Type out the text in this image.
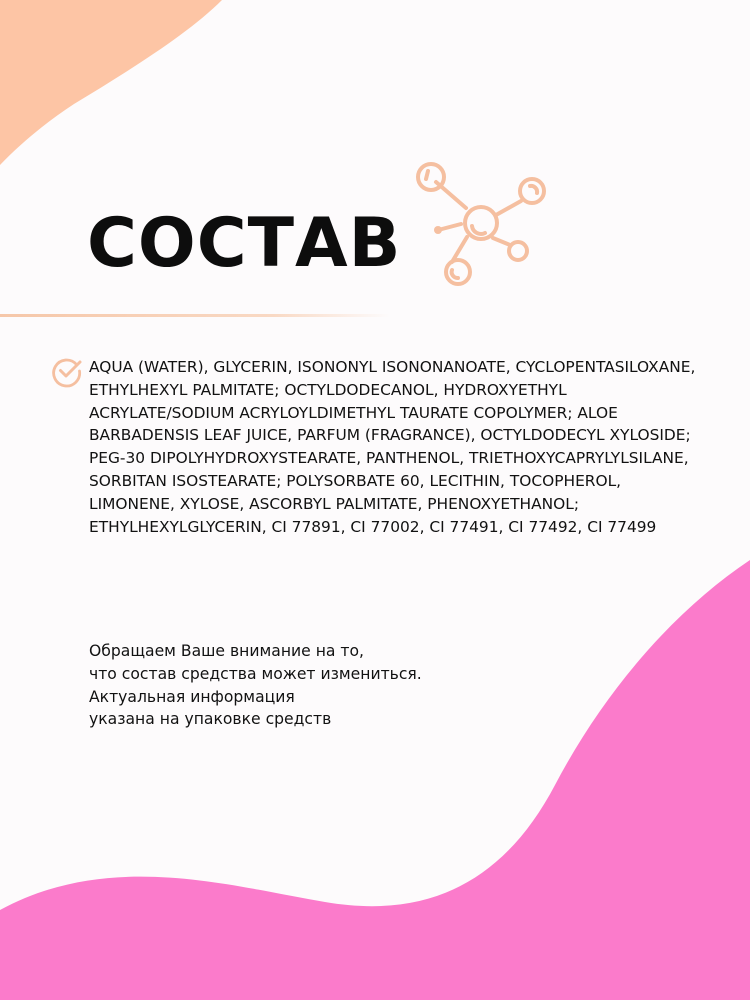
СОСТАВ

AQUA (WATER), GLYCERIN, ISONONYL ISONONANOATE, CYCLOPENTASILOXANE, ETHYLHEXYL PALMITATE; OCTYLDODECANOL, HYDROXYETHYL ACRYLATE/SODIUM ACRYLOYLDIMETHYL TAURATE COPOLYMER; ALOE BARBADENSIS LEAF JUICE, PARFUM (FRAGRANCE), OCTYLDODECYL XYLOSIDE; PEG-30 DIPOLYHYDROXYSTEARATE, PANTHENOL, TRIETHOXYCAPRYLYLSILANE, SORBITAN ISOSTEARATE; POLYSORBATE 60, LECITHIN, TOCOPHEROL, LIMONENE, XYLOSE, ASCORBYL PALMITATE, PHENOXYETHANOL; ETHYLHEXYLGLYCERIN, CI 77891, CI 77002, CI 77491, CI 77492, CI 77499

Обращаем Ваше внимание на то,
что состав средства может измениться.
Актуальная информация
указана на упаковке средств
